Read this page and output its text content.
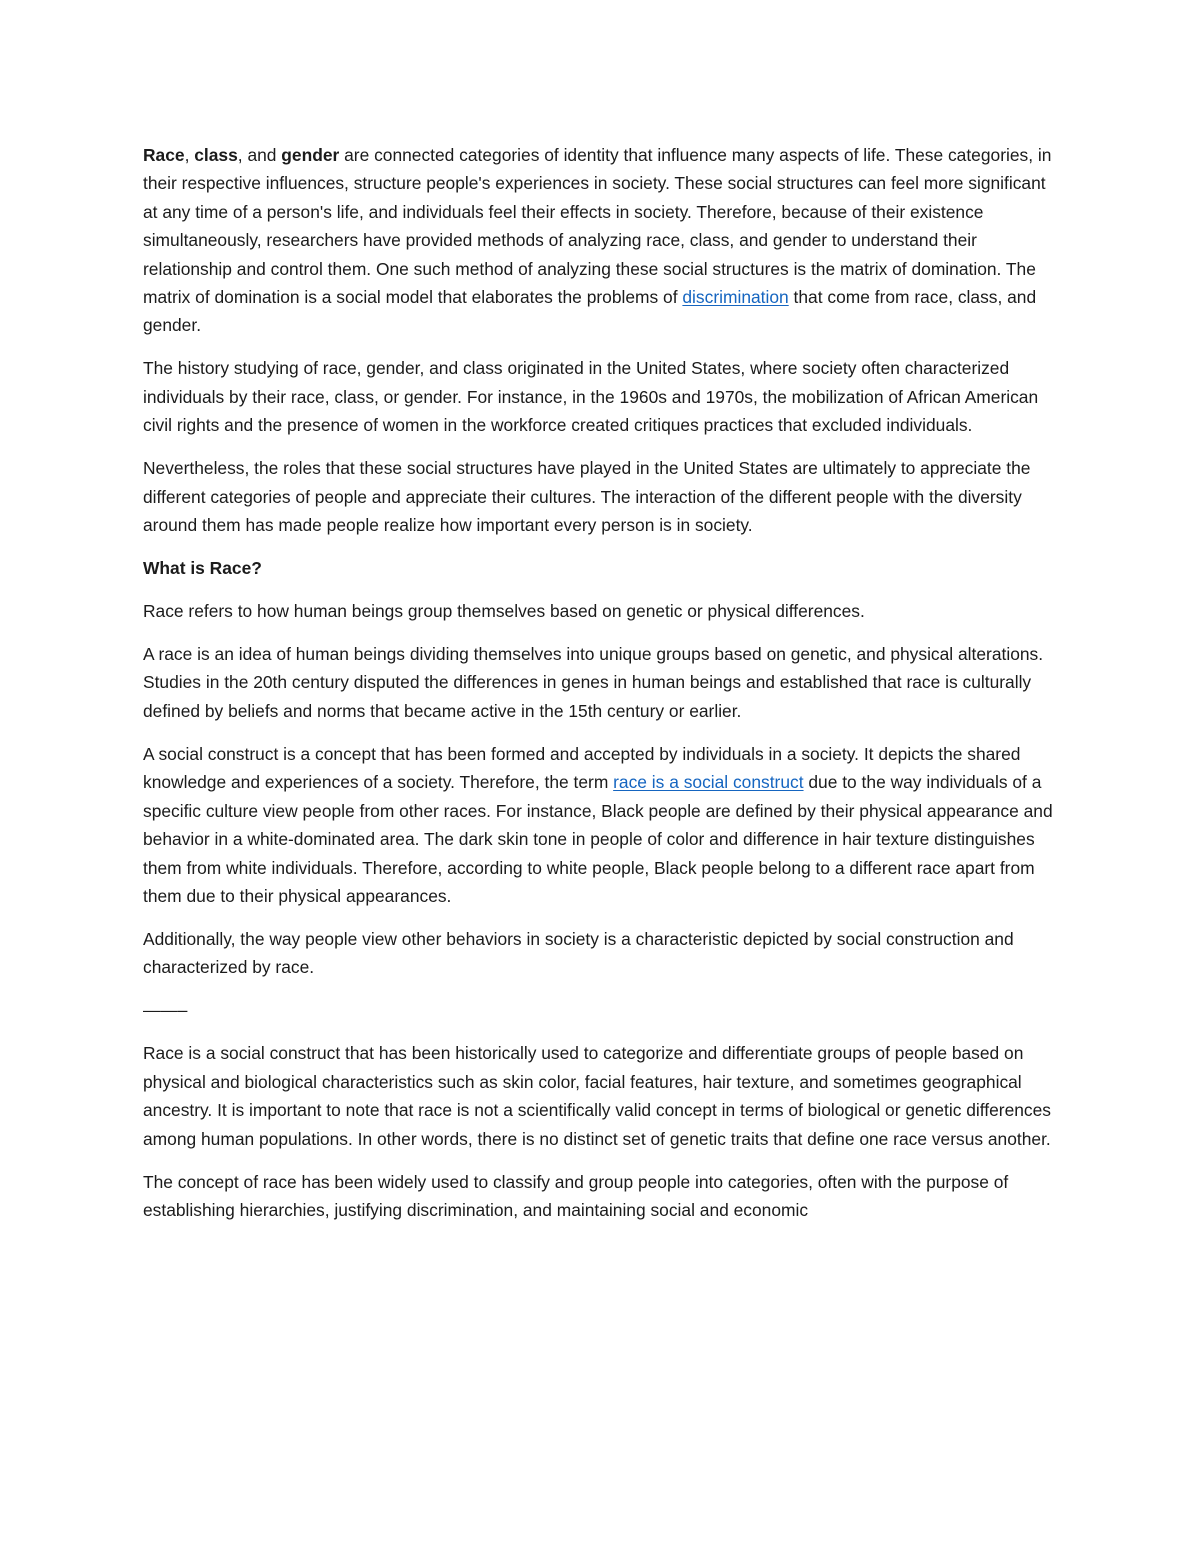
Race, class, and gender are connected categories of identity that influence many aspects of life. These categories, in their respective influences, structure people's experiences in society. These social structures can feel more significant at any time of a person's life, and individuals feel their effects in society. Therefore, because of their existence simultaneously, researchers have provided methods of analyzing race, class, and gender to understand their relationship and control them. One such method of analyzing these social structures is the matrix of domination. The matrix of domination is a social model that elaborates the problems of discrimination that come from race, class, and gender.

The history studying of race, gender, and class originated in the United States, where society often characterized individuals by their race, class, or gender. For instance, in the 1960s and 1970s, the mobilization of African American civil rights and the presence of women in the workforce created critiques practices that excluded individuals.

Nevertheless, the roles that these social structures have played in the United States are ultimately to appreciate the different categories of people and appreciate their cultures. The interaction of the different people with the diversity around them has made people realize how important every person is in society.

What is Race?

Race refers to how human beings group themselves based on genetic or physical differences.

A race is an idea of human beings dividing themselves into unique groups based on genetic, and physical alterations. Studies in the 20th century disputed the differences in genes in human beings and established that race is culturally defined by beliefs and norms that became active in the 15th century or earlier.

A social construct is a concept that has been formed and accepted by individuals in a society. It depicts the shared knowledge and experiences of a society. Therefore, the term race is a social construct due to the way individuals of a specific culture view people from other races. For instance, Black people are defined by their physical appearance and behavior in a white-dominated area. The dark skin tone in people of color and difference in hair texture distinguishes them from white individuals. Therefore, according to white people, Black people belong to a different race apart from them due to their physical appearances.

Additionally, the way people view other behaviors in society is a characteristic depicted by social construction and characterized by race.

——–

Race is a social construct that has been historically used to categorize and differentiate groups of people based on physical and biological characteristics such as skin color, facial features, hair texture, and sometimes geographical ancestry. It is important to note that race is not a scientifically valid concept in terms of biological or genetic differences among human populations. In other words, there is no distinct set of genetic traits that define one race versus another.

The concept of race has been widely used to classify and group people into categories, often with the purpose of establishing hierarchies, justifying discrimination, and maintaining social and economic
